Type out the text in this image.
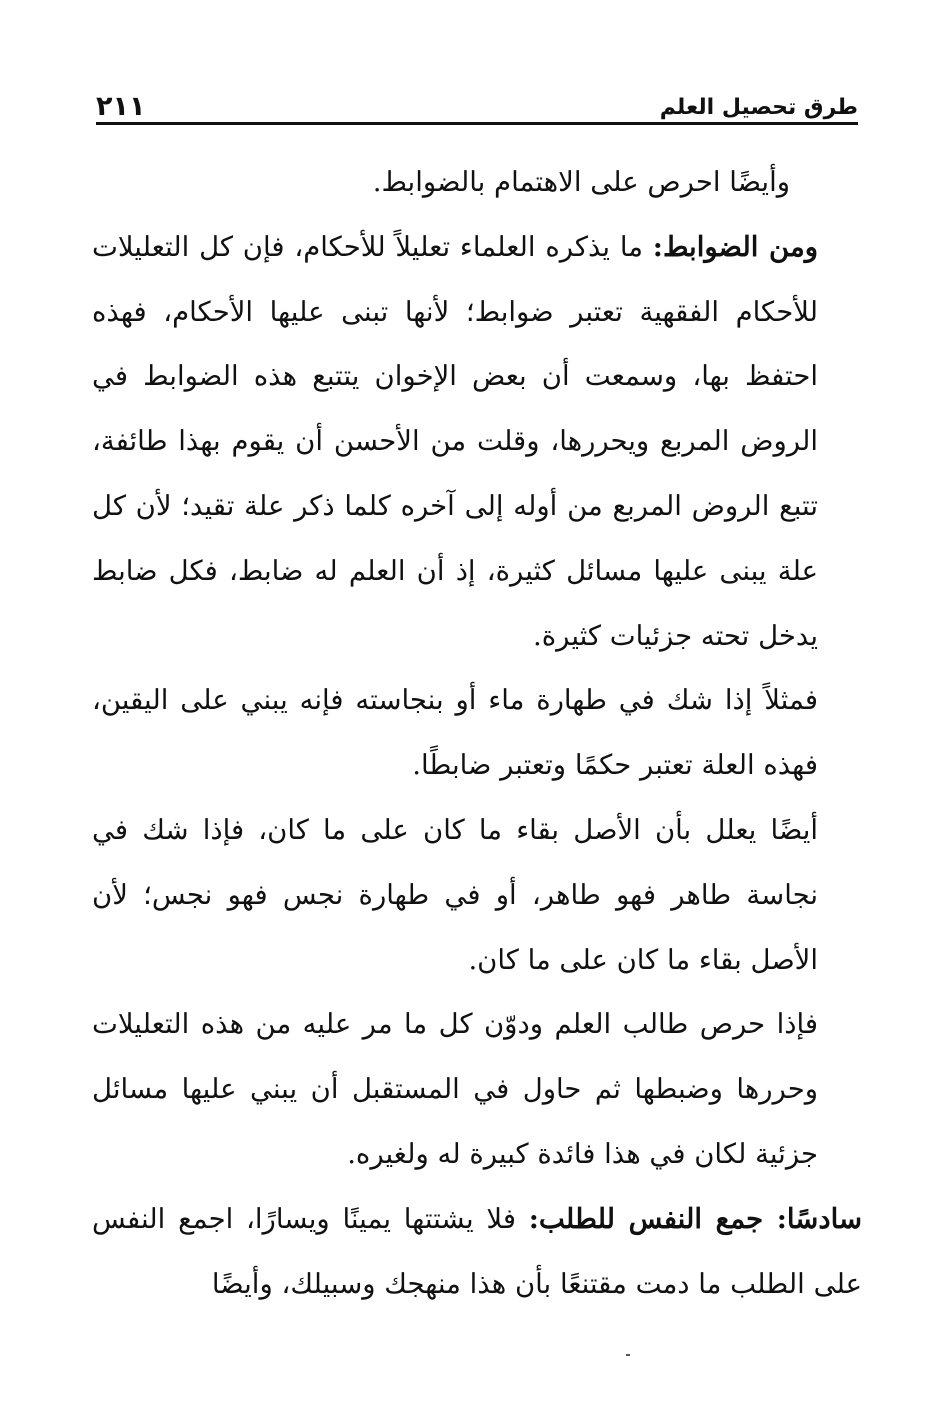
طرق تحصيل العلم
٢١١

وأيضًا احرص على الاهتمام بالضوابط.

ومن الضوابط: ما يذكره العلماء تعليلاً للأحكام، فإن كل التعليلات للأحكام الفقهية تعتبر ضوابط؛ لأنها تبنى عليها الأحكام، فهذه احتفظ بها، وسمعت أن بعض الإخوان يتتبع هذه الضوابط في الروض المربع ويحررها، وقلت من الأحسن أن يقوم بهذا طائفة، تتبع الروض المربع من أوله إلى آخره كلما ذكر علة تقيد؛ لأن كل علة يبنى عليها مسائل كثيرة، إذ أن العلم له ضابط، فكل ضابط يدخل تحته جزئيات كثيرة.

فمثلاً إذا شك في طهارة ماء أو بنجاسته فإنه يبني على اليقين، فهذه العلة تعتبر حكمًا وتعتبر ضابطًا.

أيضًا يعلل بأن الأصل بقاء ما كان على ما كان، فإذا شك في نجاسة طاهر فهو طاهر، أو في طهارة نجس فهو نجس؛ لأن الأصل بقاء ما كان على ما كان.

فإذا حرص طالب العلم ودوّن كل ما مر عليه من هذه التعليلات وحررها وضبطها ثم حاول في المستقبل أن يبني عليها مسائل جزئية لكان في هذا فائدة كبيرة له ولغيره.

سادسًا: جمع النفس للطلب: فلا يشتتها يمينًا ويسارًا، اجمع النفس على الطلب ما دمت مقتنعًا بأن هذا منهجك وسبيلك، وأيضًا
